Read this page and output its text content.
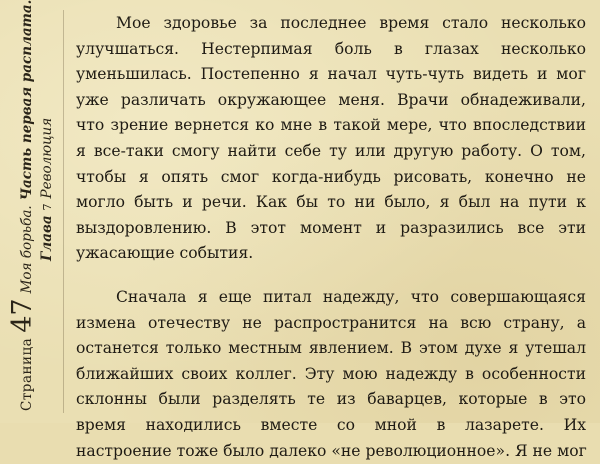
Страница
47
Моя борьба.
Часть первая расплата.
Глава
7
Революция
Мое здоровье за последнее время стало несколько
улучшаться. Нестерпимая боль в глазах несколько
уменьшилась. Постепенно я начал чуть-чуть видеть и мог
уже различать окружающее меня. Врачи обнадеживали,
что зрение вернется ко мне в такой мере, что впоследствии
я все-таки смогу найти себе ту или другую работу. О том,
чтобы я опять смог когда-нибудь рисовать, конечно не
могло быть и речи. Как бы то ни было, я был на пути к
выздоровлению. В этот момент и разразились все эти
ужасающие события.
Сначала я еще питал надежду, что совершающаяся
измена отечеству не распространится на всю страну, а
останется только местным явлением. В этом духе я утешал
ближайших своих коллег. Эту мою надежду в особенности
склонны были разделять те из баварцев, которые в это
время находились вместе со мной в лазарете. Их
настроение тоже было далеко «не революционное». Я не мог
